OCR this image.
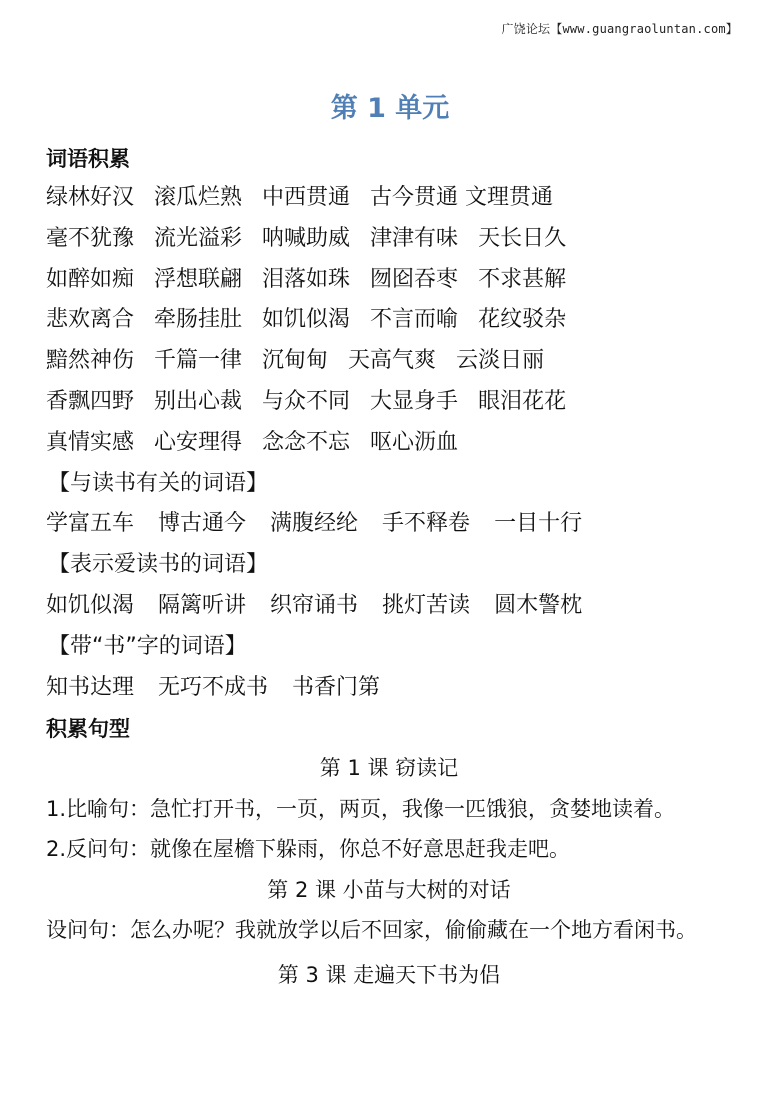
广饶论坛【www.guangraoluntan.com】
第 1 单元
词语积累
绿林好汉 滚瓜烂熟 中西贯通 古今贯通 文理贯通
毫不犹豫 流光溢彩 呐喊助威 津津有味 天长日久
如醉如痴 浮想联翩 泪落如珠 囫囵吞枣 不求甚解
悲欢离合 牵肠挂肚 如饥似渴 不言而喻 花纹驳杂
黯然神伤 千篇一律 沉甸甸 天高气爽 云淡日丽
香飘四野 别出心裁 与众不同 大显身手 眼泪花花
真情实感 心安理得 念念不忘 呕心沥血
【与读书有关的词语】
学富五车 博古通今 满腹经纶 手不释卷 一目十行
【表示爱读书的词语】
如饥似渴 隔篱听讲 织帘诵书 挑灯苦读 圆木警枕
【带“书”字的词语】
知书达理 无巧不成书 书香门第
积累句型
第 1 课 窃读记
1.比喻句：急忙打开书，一页，两页，我像一匹饿狼，贪婪地读着。
2.反问句：就像在屋檐下躲雨，你总不好意思赶我走吧。
第 2 课 小苗与大树的对话
设问句：怎么办呢？我就放学以后不回家，偷偷藏在一个地方看闲书。
第 3 课 走遍天下书为侣
